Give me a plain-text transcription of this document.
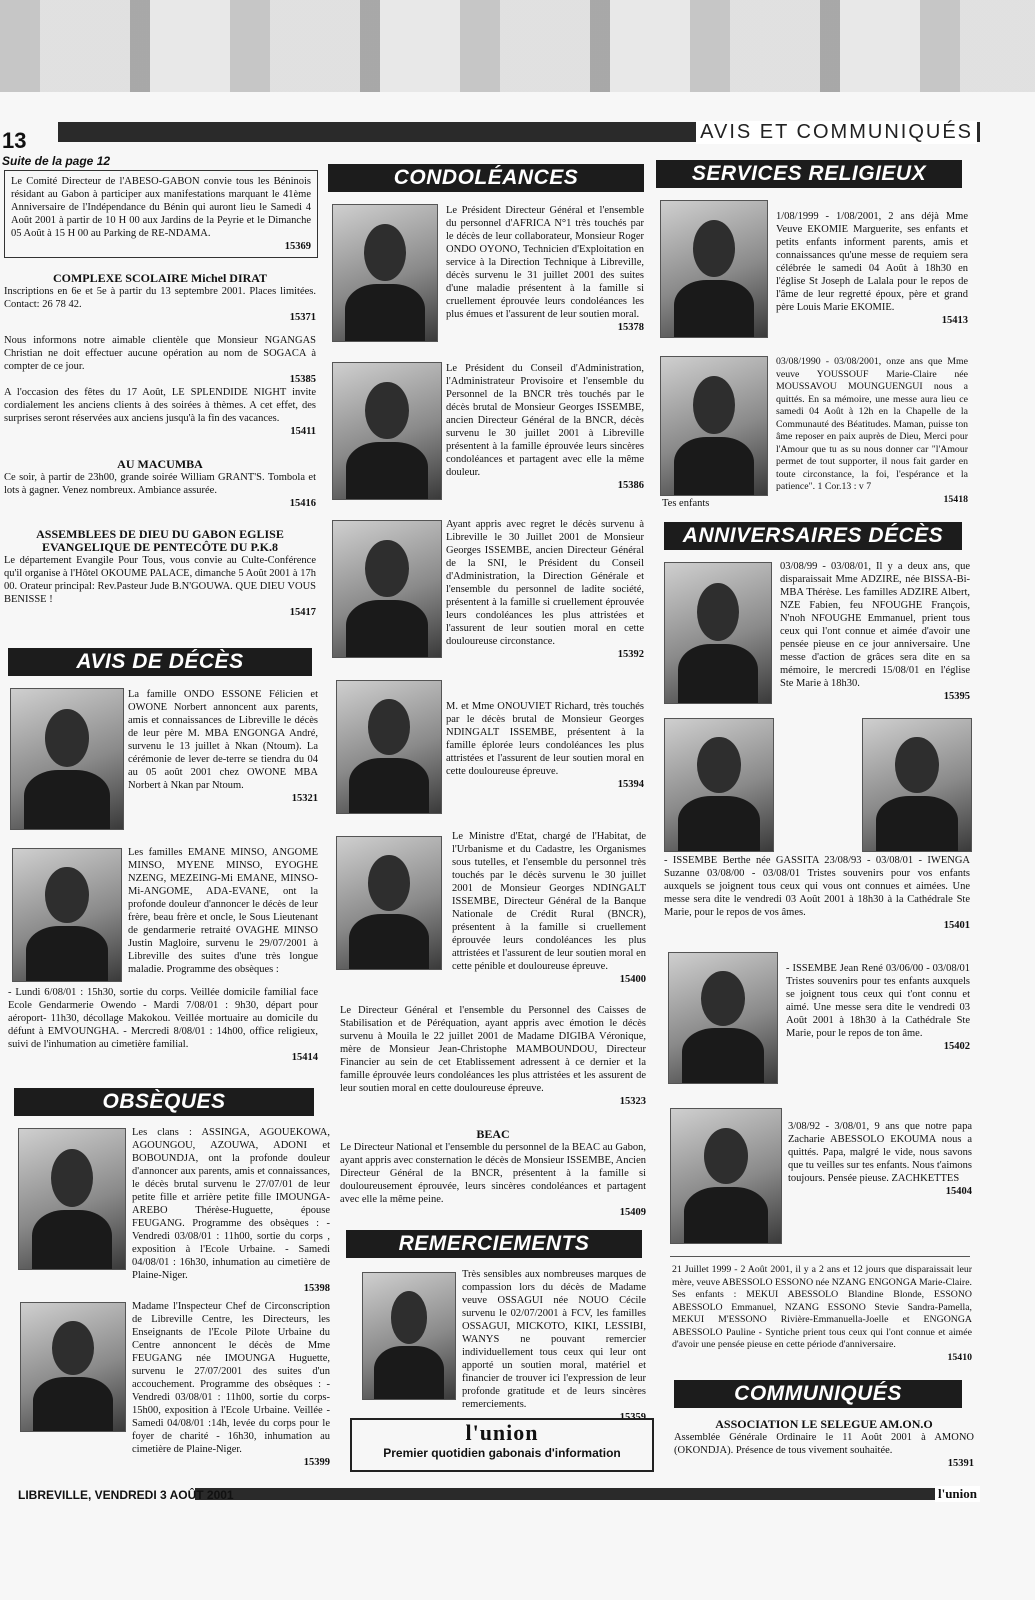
13	AVIS ET COMMUNIQUÉS
Suite de la page 12
Le Comité Directeur de l'ABESO-GABON convie tous les Béninois résidant au Gabon à participer aux manifestations marquant le 41ème Anniversaire de l'Indépendance du Bénin qui auront lieu le Samedi 4 Août 2001 à partir de 10 H 00 aux Jardins de la Peyrie et le Dimanche 05 Août à 15 H 00 au Parking de RE-NDAMA.
15369
COMPLEXE SCOLAIRE Michel DIRAT
Inscriptions en 6e et 5e à partir du 13 septembre 2001. Places limitées. Contact: 26 78 42.
15371
Nous informons notre aimable clientèle que Monsieur NGANGAS Christian ne doit effectuer aucune opération au nom de SOGACA à compter de ce jour.
15385
A l'occasion des fêtes du 17 Août, LE SPLENDIDE NIGHT invite cordialement les anciens clients à des soirées à thèmes. A cet effet, des surprises seront réservées aux anciens jusqu'à la fin des vacances.
15411
AU MACUMBA
Ce soir, à partir de 23h00, grande soirée William GRANT'S. Tombola et lots à gagner. Venez nombreux. Ambiance assurée.
15416
ASSEMBLEES DE DIEU DU GABON EGLISE EVANGELIQUE DE PENTECÔTE DU P.K.8
Le département Evangile Pour Tous, vous convie au Culte-Conférence qu'il organise à l'Hôtel OKOUME PALACE, dimanche 5 Août 2001 à 17h 00. Orateur principal: Rev.Pasteur Jude B.N'GOUWA. QUE DIEU VOUS BENISSE !
15417
AVIS DE DÉCÈS
La famille ONDO ESSONE Félicien et OWONE Norbert annoncent aux parents, amis et connaissances de Libreville le décès de leur père M. MBA ENGONGA André, survenu le 13 juillet à Nkan (Ntoum). La cérémonie de lever de-terre se tiendra du 04 au 05 août 2001 chez OWONE MBA Norbert à Nkan par Ntoum.
15321
Les familles EMANE MINSO, ANGOME MINSO, MYENE MINSO, EYOGHE NZENG, MEZEING-Mi EMANE, MINSO-Mi-ANGOME, ADA-EVANE, ont la profonde douleur d'annoncer le décès de leur frère, beau frère et oncle, le Sous Lieutenant de gendarmerie retraité OVAGHE MINSO Justin Magloire, survenu le 29/07/2001 à Libreville des suites d'une très longue maladie. Programme des obsèques :
- Lundi 6/08/01 : 15h30, sortie du corps. Veillée domicile familial face Ecole Gendarmerie Owendo - Mardi 7/08/01 : 9h30, départ pour aéroport- 11h30, décollage Makokou. Veillée mortuaire au domicile du défunt à EMVOUNGHA. - Mercredi 8/08/01 : 14h00, office religieux, suivi de l'inhumation au cimetière familial.
15414
OBSÈQUES
Les clans : ASSINGA, AGOUEKOWA, AGOUNGOU, AZOUWA, ADONI et BOBOUNDJA, ont la profonde douleur d'annoncer aux parents, amis et connaissances, le décès brutal survenu le 27/07/01 de leur petite fille et arrière petite fille IMOUNGA-AREBO Thérèse-Huguette, épouse FEUGANG. Programme des obsèques : - Vendredi 03/08/01 : 11h00, sortie du corps , exposition à l'Ecole Urbaine. - Samedi 04/08/01 : 16h30, inhumation au cimetière de Plaine-Niger.
15398
Madame l'Inspecteur Chef de Circonscription de Libreville Centre, les Directeurs, les Enseignants de l'Ecole Pilote Urbaine du Centre annoncent le décès de Mme FEUGANG née IMOUNGA Huguette, survenu le 27/07/2001 des suites d'un accouchement. Programme des obsèques : - Vendredi 03/08/01 : 11h00, sortie du corps- 15h00, exposition à l'Ecole Urbaine. Veillée - Samedi 04/08/01 :14h, levée du corps pour le foyer de charité - 16h30, inhumation au cimetière de Plaine-Niger.
15399
CONDOLÉANCES
Le Président Directeur Général et l'ensemble du personnel d'AFRICA N°1 très touchés par le décès de leur collaborateur, Monsieur Roger ONDO OYONO, Technicien d'Exploitation en service à la Direction Technique à Libreville, décès survenu le 31 juillet 2001 des suites d'une maladie présentent à la famille si cruellement éprouvée leurs condoléances les plus émues et l'assurent de leur soutien moral.
15378
Le Président du Conseil d'Administration, l'Administrateur Provisoire et l'ensemble du Personnel de la BNCR très touchés par le décès brutal de Monsieur Georges ISSEMBE, ancien Directeur Général de la BNCR, décès survenu le 30 juillet 2001 à Libreville présentent à la famille éprouvée leurs sincères condoléances et partagent avec elle la même douleur.
15386
Ayant appris avec regret le décès survenu à Libreville le 30 Juillet 2001 de Monsieur Georges ISSEMBE, ancien Directeur Général de la SNI, le Président du Conseil d'Administration, la Direction Générale et l'ensemble du personnel de ladite société, présentent à la famille si cruellement éprouvée leurs condoléances les plus attristées et l'assurent de leur soutien moral en cette douloureuse circonstance.
15392
M. et Mme ONOUVIET Richard, très touchés par le décès brutal de Monsieur Georges NDINGALT ISSEMBE, présentent à la famille éplorée leurs condoléances les plus attristées et l'assurent de leur soutien moral en cette douloureuse épreuve.
15394
Le Ministre d'Etat, chargé de l'Habitat, de l'Urbanisme et du Cadastre, les Organismes sous tutelles, et l'ensemble du personnel très touchés par le décès survenu le 30 juillet 2001 de Monsieur Georges NDINGALT ISSEMBE, Directeur Général de la Banque Nationale de Crédit Rural (BNCR), présentent à la famille si cruellement éprouvée leurs condoléances les plus attristées et l'assurent de leur soutien moral en cette pénible et douloureuse épreuve.
15400
Le Directeur Général et l'ensemble du Personnel des Caisses de Stabilisation et de Péréquation, ayant appris avec émotion le décès survenu à Mouila le 22 juillet 2001 de Madame DIGIBA Véronique, mère de Monsieur Jean-Christophe MAMBOUNDOU, Directeur Financier au sein de cet Etablissement adressent à ce dernier et la famille éprouvée leurs condoléances les plus attristées et les assurent de leur soutien moral en cette douloureuse épreuve.
15323
BEAC
Le Directeur National et l'ensemble du personnel de la BEAC au Gabon, ayant appris avec consternation le décès de Monsieur ISSEMBE, Ancien Directeur Général de la BNCR, présentent à la famille si douloureusement éprouvée, leurs sincères condoléances et partagent avec elle la même peine.
15409
REMERCIEMENTS
Très sensibles aux nombreuses marques de compassion lors du décès de Madame veuve OSSAGUI née NOUO Cécile survenu le 02/07/2001 à FCV, les familles OSSAGUI, MICKOTO, KIKI, LESSIBI, WANYS ne pouvant remercier individuellement tous ceux qui leur ont apporté un soutien moral, matériel et financier de trouver ici l'expression de leur profonde gratitude et de leurs sincères remerciements.
15359
l'union
Premier quotidien gabonais d'information
SERVICES RELIGIEUX
1/08/1999 - 1/08/2001, 2 ans déjà Mme Veuve EKOMIE Marguerite, ses enfants et petits enfants informent parents, amis et connaissances qu'une messe de requiem sera célébrée le samedi 04 Août à 18h30 en l'église St Joseph de Lalala pour le repos de l'âme de leur regretté époux, père et grand père Louis Marie EKOMIE.
15413
03/08/1990 - 03/08/2001, onze ans que Mme veuve YOUSSOUF Marie-Claire née MOUSSAVOU MOUNGUENGUI nous a quittés. En sa mémoire, une messe aura lieu ce samedi 04 Août à 12h en la Chapelle de la Communauté des Béatitudes. Maman, puisse ton âme reposer en paix auprès de Dieu, Merci pour l'Amour que tu as su nous donner car "l'Amour permet de tout supporter, il nous fait garder en toute circonstance, la foi, l'espérance et la patience". 1 Cor.13 : v 7
15418
Tes enfants
ANNIVERSAIRES DÉCÈS
03/08/99 - 03/08/01, Il y a deux ans, que disparaissait Mme ADZIRE, née BISSA-Bi-MBA Thérèse. Les familles ADZIRE Albert, NZE Fabien, feu NFOUGHE François, N'noh NFOUGHE Emmanuel, prient tous ceux qui l'ont connue et aimée d'avoir une pensée pieuse en ce jour anniversaire. Une messe d'action de grâces sera dite en sa mémoire, le mercredi 15/08/01 en l'église Ste Marie à 18h30.
15395
- ISSEMBE Berthe née GASSITA 23/08/93 - 03/08/01 - IWENGA Suzanne 03/08/00 - 03/08/01 Tristes souvenirs pour vos enfants auxquels se joignent tous ceux qui vous ont connues et aimées. Une messe sera dite le vendredi 03 Août 2001 à 18h30 à la Cathédrale Ste Marie, pour le repos de vos âmes.
15401
- ISSEMBE Jean René 03/06/00 - 03/08/01 Tristes souvenirs pour tes enfants auxquels se joignent tous ceux qui t'ont connu et aimé. Une messe sera dite le vendredi 03 Août 2001 à 18h30 à la Cathédrale Ste Marie, pour le repos de ton âme.
15402
3/08/92 - 3/08/01, 9 ans que notre papa Zacharie ABESSOLO EKOUMA nous a quittés. Papa, malgré le vide, nous savons que tu veilles sur tes enfants. Nous t'aimons toujours. Pensée pieuse. ZACHKETTES
15404
21 Juillet 1999 - 2 Août 2001, il y a 2 ans et 12 jours que disparaissait leur mère, veuve ABESSOLO ESSONO née NZANG ENGONGA Marie-Claire. Ses enfants : MEKUI ABESSOLO Blandine Blonde, ESSONO ABESSOLO Emmanuel, NZANG ESSONO Stevie Sandra-Pamella, MEKUI M'ESSONO Rivière-Emmanuella-Joelle et ENGONGA ABESSOLO Pauline - Syntiche prient tous ceux qui l'ont connue et aimée d'avoir une pensée pieuse en cette période d'anniversaire.
15410
COMMUNIQUÉS
ASSOCIATION LE SELEGUE AM.ON.O
Assemblée Générale Ordinaire le 11 Août 2001 à AMONO (OKONDJA). Présence de tous vivement souhaitée.
15391
LIBREVILLE, VENDREDI 3 AOÛT 2001	l'union
